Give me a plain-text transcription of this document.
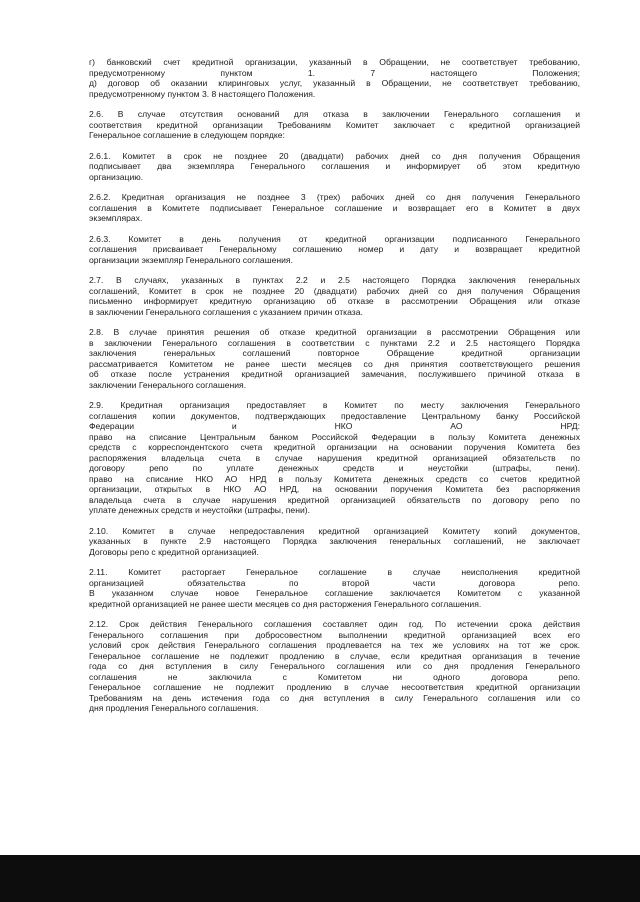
г) банковский счет кредитной организации, указанный в Обращении, не соответствует требованию,
предусмотренному пунктом 1. 7 настоящего Положения;
д) договор об оказании клиринговых услуг, указанный в Обращении, не соответствует требованию,
предусмотренному пунктом 3. 8 настоящего Положения.
2.6. В случае отсутствия оснований для отказа в заключении Генерального соглашения и
соответствия кредитной организации Требованиям Комитет заключает с кредитной организацией
Генеральное соглашение в следующем порядке:
2.6.1. Комитет в срок не позднее 20 (двадцати) рабочих дней со дня получения Обращения
подписывает два экземпляра Генерального соглашения и информирует об этом кредитную
организацию.
2.6.2. Кредитная организация не позднее 3 (трех) рабочих дней со дня получения Генерального
соглашения в Комитете подписывает Генеральное соглашение и возвращает его в Комитет в двух
экземплярах.
2.6.3. Комитет в день получения от кредитной организации подписанного Генерального
соглашения присваивает Генеральному соглашению номер и дату и возвращает кредитной
организации экземпляр Генерального соглашения.
2.7. В случаях, указанных в пунктах 2.2 и 2.5 настоящего Порядка заключения генеральных
соглашений, Комитет в срок не позднее 20 (двадцати) рабочих дней со дня получения Обращения
письменно информирует кредитную организацию об отказе в рассмотрении Обращения или отказе
в заключении Генерального соглашения с указанием причин отказа.
2.8. В случае принятия решения об отказе кредитной организации в рассмотрении Обращения или
в заключении Генерального соглашения в соответствии с пунктами 2.2 и 2.5 настоящего Порядка
заключения генеральных соглашений повторное Обращение кредитной организации
рассматривается Комитетом не ранее шести месяцев со дня принятия соответствующего решения
об отказе после устранения кредитной организацией замечания, послужившего причиной отказа в
заключении Генерального соглашения.
2.9. Кредитная организация предоставляет в Комитет по месту заключения Генерального
соглашения копии документов, подтверждающих предоставление Центральному банку Российской
Федерации и НКО АО НРД:
право на списание Центральным банком Российской Федерации в пользу Комитета денежных
средств с корреспондентского счета кредитной организации на основании поручения Комитета без
распоряжения владельца счета в случае нарушения кредитной организацией обязательств по
договору репо по уплате денежных средств и неустойки (штрафы, пени).
право на списание НКО АО НРД в пользу Комитета денежных средств со счетов кредитной
организации, открытых в НКО АО НРД, на основании поручения Комитета без распоряжения
владельца счета в случае нарушения кредитной организацией обязательств по договору репо по
уплате денежных средств и неустойки (штрафы, пени).
2.10. Комитет в случае непредоставления кредитной организацией Комитету копий документов,
указанных в пункте 2.9 настоящего Порядка заключения генеральных соглашений, не заключает
Договоры репо с кредитной организацией.
2.11. Комитет расторгает Генеральное соглашение в случае неисполнения кредитной
организацией обязательства по второй части договора репо.
В указанном случае новое Генеральное соглашение заключается Комитетом с указанной
кредитной организацией не ранее шести месяцев со дня расторжения Генерального соглашения.
2.12. Срок действия Генерального соглашения составляет один год. По истечении срока действия
Генерального соглашения при добросовестном выполнении кредитной организацией всех его
условий срок действия Генерального соглашения продлевается на тех же условиях на тот же срок.
Генеральное соглашение не подлежит продлению в случае, если кредитная организация в течение
года со дня вступления в силу Генерального соглашения или со дня продления Генерального
соглашения не заключила с Комитетом ни одного договора репо.
Генеральное соглашение не подлежит продлению в случае несоответствия кредитной организации
Требованиям на день истечения года со дня вступления в силу Генерального соглашения или со
дня продления Генерального соглашения.
